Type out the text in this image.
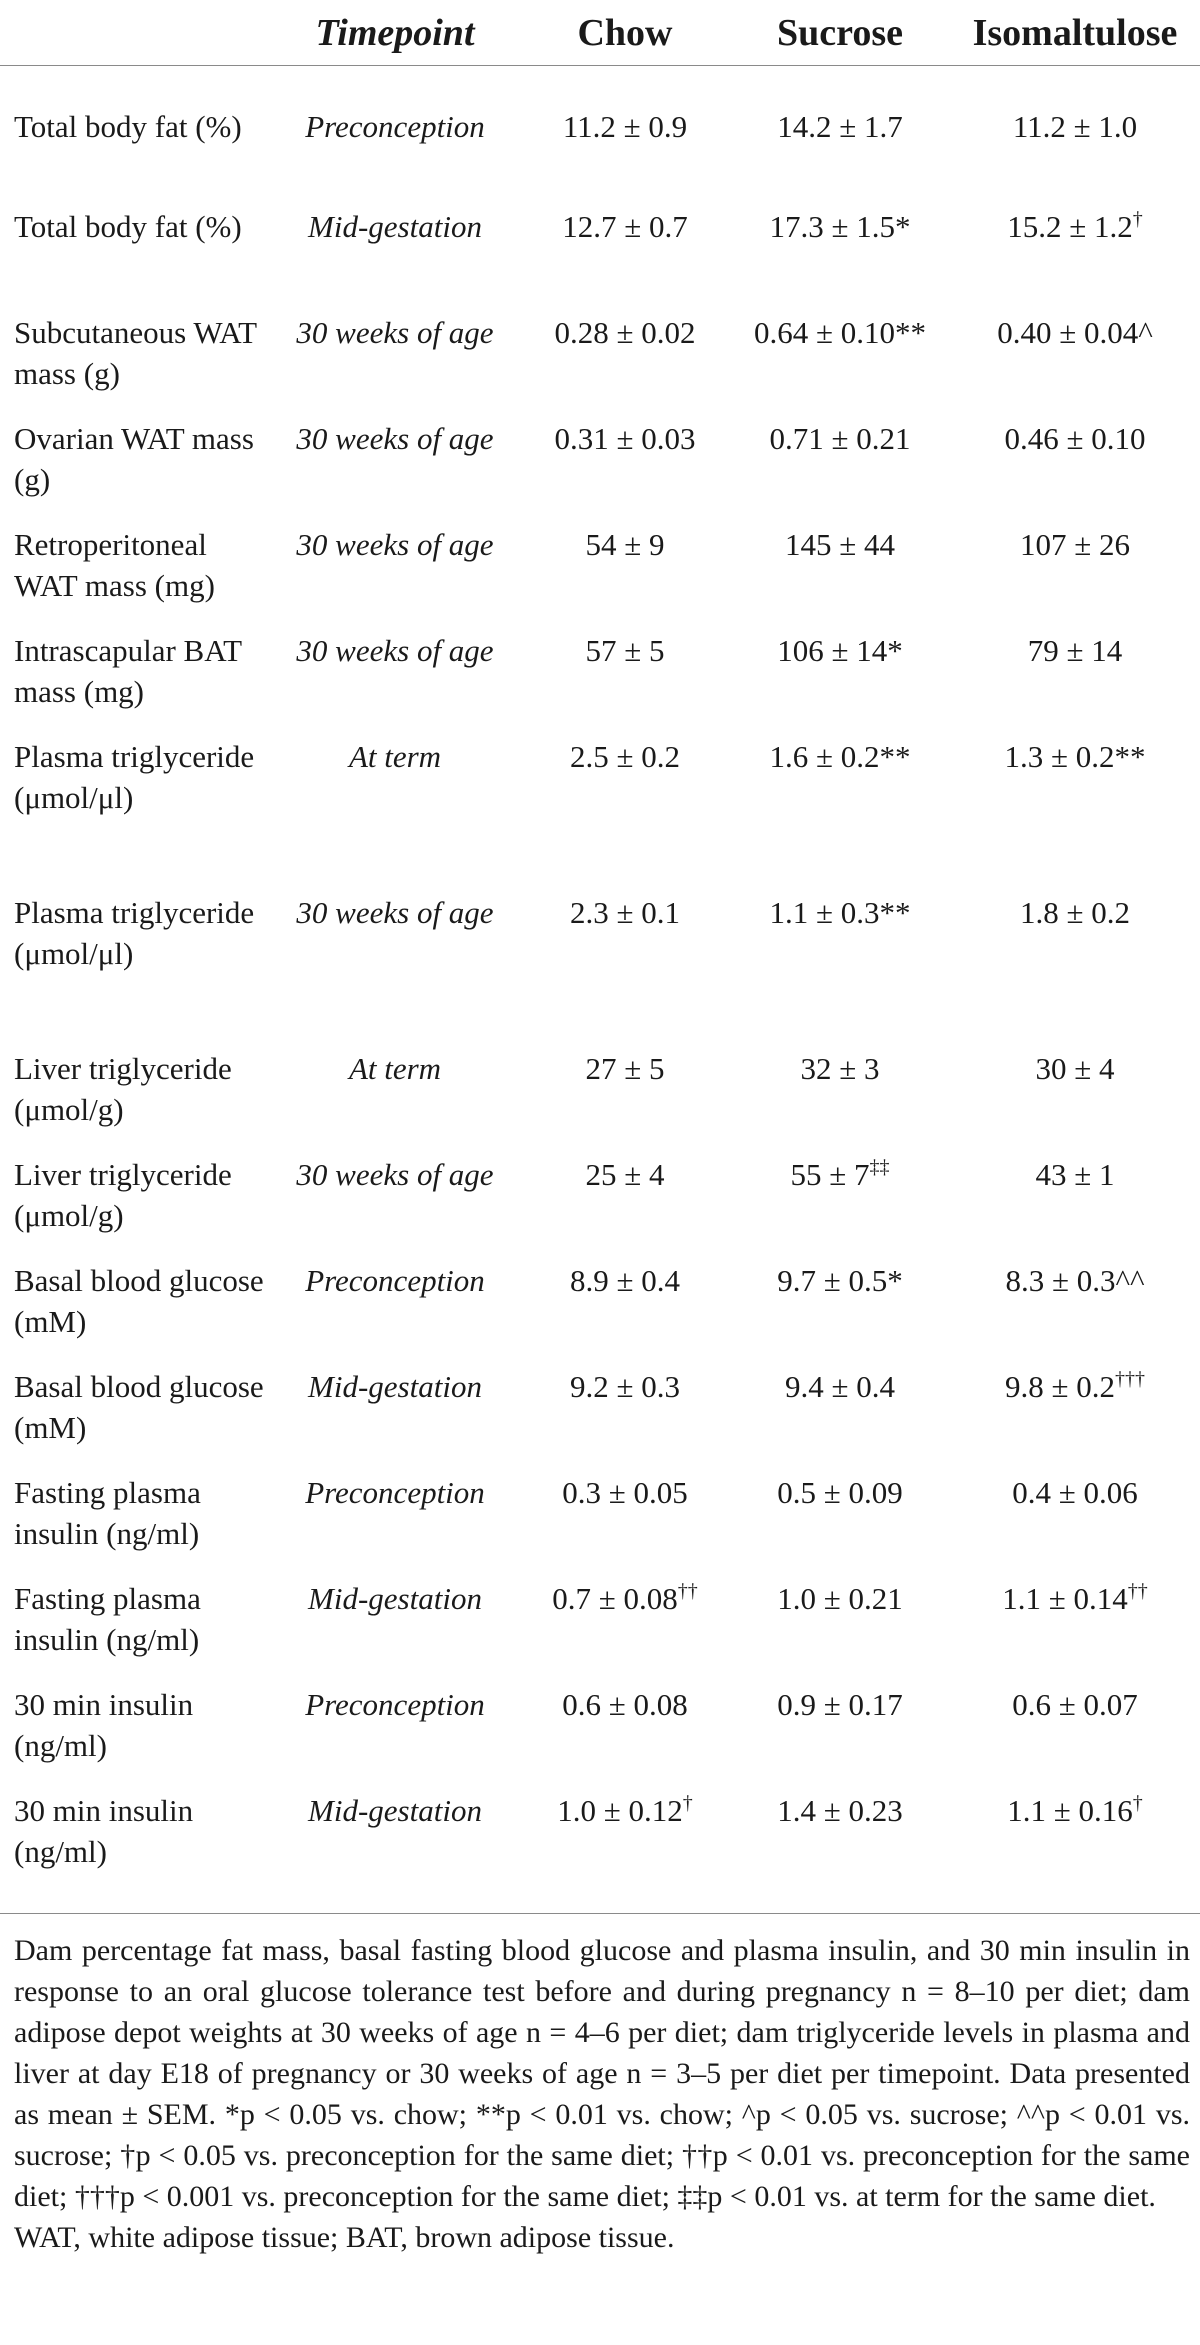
	Timepoint	Chow	Sucrose	Isomaltulose
Total body fat (%)	Preconception	11.2 ± 0.9	14.2 ± 1.7	11.2 ± 1.0
Total body fat (%)	Mid-gestation	12.7 ± 0.7	17.3 ± 1.5*	15.2 ± 1.2†
Subcutaneous WAT mass (g)	30 weeks of age	0.28 ± 0.02	0.64 ± 0.10**	0.40 ± 0.04^
Ovarian WAT mass (g)	30 weeks of age	0.31 ± 0.03	0.71 ± 0.21	0.46 ± 0.10
Retroperitoneal WAT mass (mg)	30 weeks of age	54 ± 9	145 ± 44	107 ± 26
Intrascapular BAT mass (mg)	30 weeks of age	57 ± 5	106 ± 14*	79 ± 14
Plasma triglyceride (μmol/μl)	At term	2.5 ± 0.2	1.6 ± 0.2**	1.3 ± 0.2**
Plasma triglyceride (μmol/μl)	30 weeks of age	2.3 ± 0.1	1.1 ± 0.3**	1.8 ± 0.2
Liver triglyceride (μmol/g)	At term	27 ± 5	32 ± 3	30 ± 4
Liver triglyceride (μmol/g)	30 weeks of age	25 ± 4	55 ± 7‡‡	43 ± 1
Basal blood glucose (mM)	Preconception	8.9 ± 0.4	9.7 ± 0.5*	8.3 ± 0.3^^
Basal blood glucose (mM)	Mid-gestation	9.2 ± 0.3	9.4 ± 0.4	9.8 ± 0.2†††
Fasting plasma insulin (ng/ml)	Preconception	0.3 ± 0.05	0.5 ± 0.09	0.4 ± 0.06
Fasting plasma insulin (ng/ml)	Mid-gestation	0.7 ± 0.08††	1.0 ± 0.21	1.1 ± 0.14††
30 min insulin (ng/ml)	Preconception	0.6 ± 0.08	0.9 ± 0.17	0.6 ± 0.07
30 min insulin (ng/ml)	Mid-gestation	1.0 ± 0.12†	1.4 ± 0.23	1.1 ± 0.16†

Dam percentage fat mass, basal fasting blood glucose and plasma insulin, and 30 min insulin in response to an oral glucose tolerance test before and during pregnancy n = 8–10 per diet; dam adipose depot weights at 30 weeks of age n = 4–6 per diet; dam triglyceride levels in plasma and liver at day E18 of pregnancy or 30 weeks of age n = 3–5 per diet per timepoint. Data presented as mean ± SEM. *p < 0.05 vs. chow; **p < 0.01 vs. chow; ^p < 0.05 vs. sucrose; ^^p < 0.01 vs. sucrose; †p < 0.05 vs. preconception for the same diet; ††p < 0.01 vs. preconception for the same diet; †††p < 0.001 vs. preconception for the same diet; ‡‡p < 0.01 vs. at term for the same diet.

WAT, white adipose tissue; BAT, brown adipose tissue.
